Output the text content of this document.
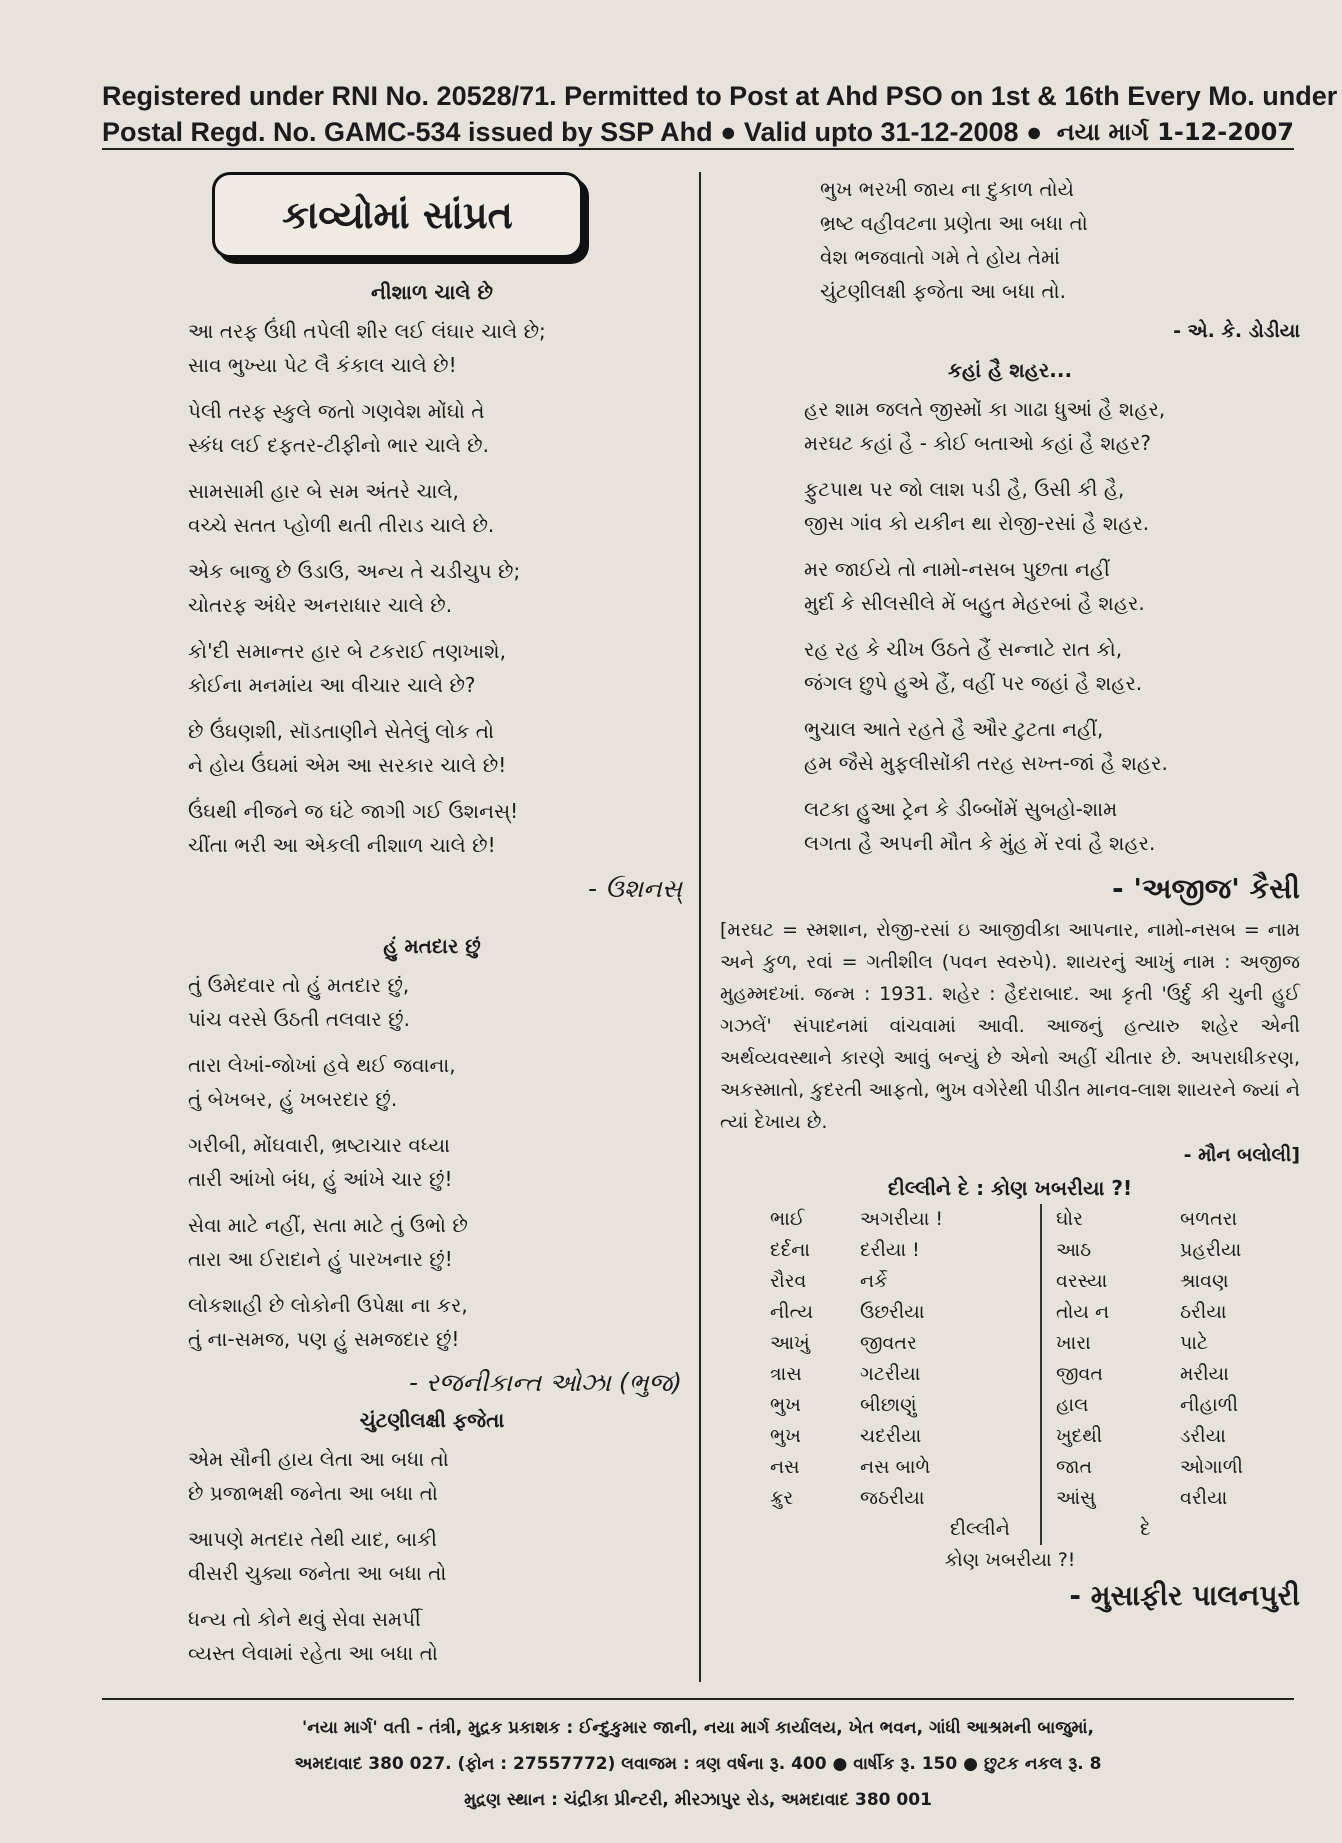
Registered under RNI No. 20528/71. Permitted to Post at Ahd PSO on 1st & 16th Every Mo. under
Postal Regd. No. GAMC-534 issued by SSP Ahd ● Valid upto 31-12-2008 ● નયા માર્ગ 1-12-2007
કાવ્યોમાં સાંપ્રત
નીશાળ ચાલે છે
આ તરફ ઉંધી તપેલી શીર લઈ લંઘાર ચાલે છે;
સાવ ભુખ્યા પેટ લૈ કંકાલ ચાલે છે!
પેલી તરફ સ્કુલે જતો ગણવેશ મોંઘો તે
સ્કંધ લઈ દફતર-ટીફીનો ભાર ચાલે છે.
સામસામી હાર બે સમ અંતરે ચાલે,
વચ્ચે સતત પ્હોળી થતી તીરાડ ચાલે છે.
એક બાજુ છે ઉડાઉ, અન્ય તે ચડીચુપ છે;
ચોતરફ અંધેર અનરાધાર ચાલે છે.
કો'દી સમાન્તર હાર બે ટકરાઈ તણખાશે,
કોઈના મનમાંય આ વીચાર ચાલે છે?
છે ઉંઘણશી, સૉડતાણીને સેતેલું લોક તો
ને હોય ઉંઘમાં એમ આ સરકાર ચાલે છે!
ઉંઘથી નીજને જ ઘંટે જાગી ગઈ ઉશનસ્!
ચીંતા ભરી આ એકલી નીશાળ ચાલે છે!
- ઉશનસ્
હું મતદાર છું
તું ઉમેદવાર તો હું મતદાર છું,
પાંચ વરસે ઉઠતી તલવાર છું.
તારા લેખાં-જોખાં હવે થઈ જવાના,
તું બેખબર, હું ખબરદાર છું.
ગરીબી, મોંઘવારી, ભ્રષ્ટાચાર વધ્યા
તારી આંખો બંધ, હું આંખે ચાર છું!
સેવા માટે નહીં, સતા માટે તું ઉભો છે
તારા આ ઈરાદાને હું પારખનાર છું!
લોકશાહી છે લોકોની ઉપેક્ષા ના કર,
તું ના-સમજ, પણ હું સમજદાર છું!
- રજનીકાન્ત ઓઝા (ભુજ)
ચુંટણીલક્ષી ફજેતા
એમ સૌની હાય લેતા આ બધા તો
છે પ્રજાભક્ષી જનેતા આ બધા તો
આપણે મતદાર તેથી યાદ, બાકી
વીસરી ચુક્યા જનેતા આ બધા તો
ધન્ય તો કોને થવું સેવા સમર્પી
વ્યસ્ત લેવામાં રહેતા આ બધા તો
ભુખ ભરખી જાય ના દુકાળ તોયે
ભ્રષ્ટ વહીવટના પ્રણેતા આ બધા તો
વેશ ભજવાતો ગમે તે હોય તેમાં
ચુંટણીલક્ષી ફજેતા આ બધા તો.
- એ. કે. ડોડીયા
કહાં હૈ શહર...
હર શામ જલતે જીસ્મોં કા ગાઢા ધુઆં હૈ શહર,
મરઘટ કહાં હૈ - કોઈ બતાઓ કહાં હૈ શહર?
ફુટપાથ પર જો લાશ પડી હૈ, ઉસી કી હૈ,
જીસ ગાંવ કો યકીન થા રોજી-રસાં હૈ શહર.
મર જાઈયે તો નામો-નસબ પુછતા નહીં
મુર્દા કે સીલસીલે મેં બહુત મેહરબાં હૈ શહર.
રહ રહ કે ચીખ ઉઠતે હૈં સન્નાટે રાત કો,
જંગલ છુપે હુએ હૈં, વહીં પર જહાં હૈ શહર.
ભુચાલ આતે રહતે હૈ ઔર ટુટતા નહીં,
હમ જૈસે મુફલીસોંકી તરહ સખ્ત-જાં હૈ શહર.
લટકા હુઆ ટ્રેન કે ડીબ્બોંમેં સુબહો-શામ
લગતા હૈ અપની મૌત કે મુંહ મેં રવાં હૈ શહર.
- 'અજીજ' કૈસી
[મરઘટ = સ્મશાન, રોજી-રસાં ઇ આજીવીકા આપનાર, નામો-નસબ = નામ અને કુળ, રવાં = ગતીશીલ (પવન સ્વરુપે). શાયરનું આખું નામ : અજીજ મુહમ્મદખાં. જન્મ : 1931. શહેર : હૈદરાબાદ. આ કૃતી 'ઉર્દુ કી ચુની હુઈ ગઝલેં' સંપાદનમાં વાંચવામાં આવી. આજનું હત્યારુ શહેર એની અર્થવ્યવસ્થાને કારણે આવું બન્યું છે એનો અહીં ચીતાર છે. અપરાધીકરણ, અકસ્માતો, કુદરતી આફતો, ભુખ વગેરેથી પીડીત માનવ-લાશ શાયરને જ્યાં ને ત્યાં દેખાય છે.
- મૌન બલોલી]
દીલ્લીને દે : કોણ ખબરીયા ?!
ભાઈ	અગરીયા !	ઘોર	બળતરા
દર્દના	દરીયા !	આઠ	પ્રહરીયા
રૌરવ	નર્કે	વરસ્યા	શ્રાવણ
નીત્ય	ઉછરીયા	તોય ન	ઠરીયા
આખું	જીવતર	ખારા	પાટે
ત્રાસ	ગટરીયા	જીવત	મરીયા
ભુખ	બીછાણું	હાલ	નીહાળી
ભુખ	ચદરીયા	ખુદથી	ડરીયા
નસ	નસ બાળે	જાત	ઓગાળી
ક્રુર	જઠરીયા	આંસુ	વરીયા
દીલ્લીને	દે
કોણ ખબરીયા ?!
- મુસાફીર પાલનપુરી
'નયા માર્ગ' વતી - તંત્રી, મુદ્રક પ્રકાશક : ઈન્દુકુમાર જાની, નયા માર્ગ કાર્યાલય, ખેત ભવન, ગાંધી આશ્રમની બાજુમાં,
અમદાવાદ 380 027. (ફોન : 27557772) લવાજમ : ત્રણ વર્ષના રૂ. 400 ● વાર્ષીક રૂ. 150 ● છુટક નકલ રૂ. 8
મુદ્રણ સ્થાન : ચંદ્રીકા પ્રીન્ટરી, મીરઝાપુર રોડ, અમદાવાદ 380 001
